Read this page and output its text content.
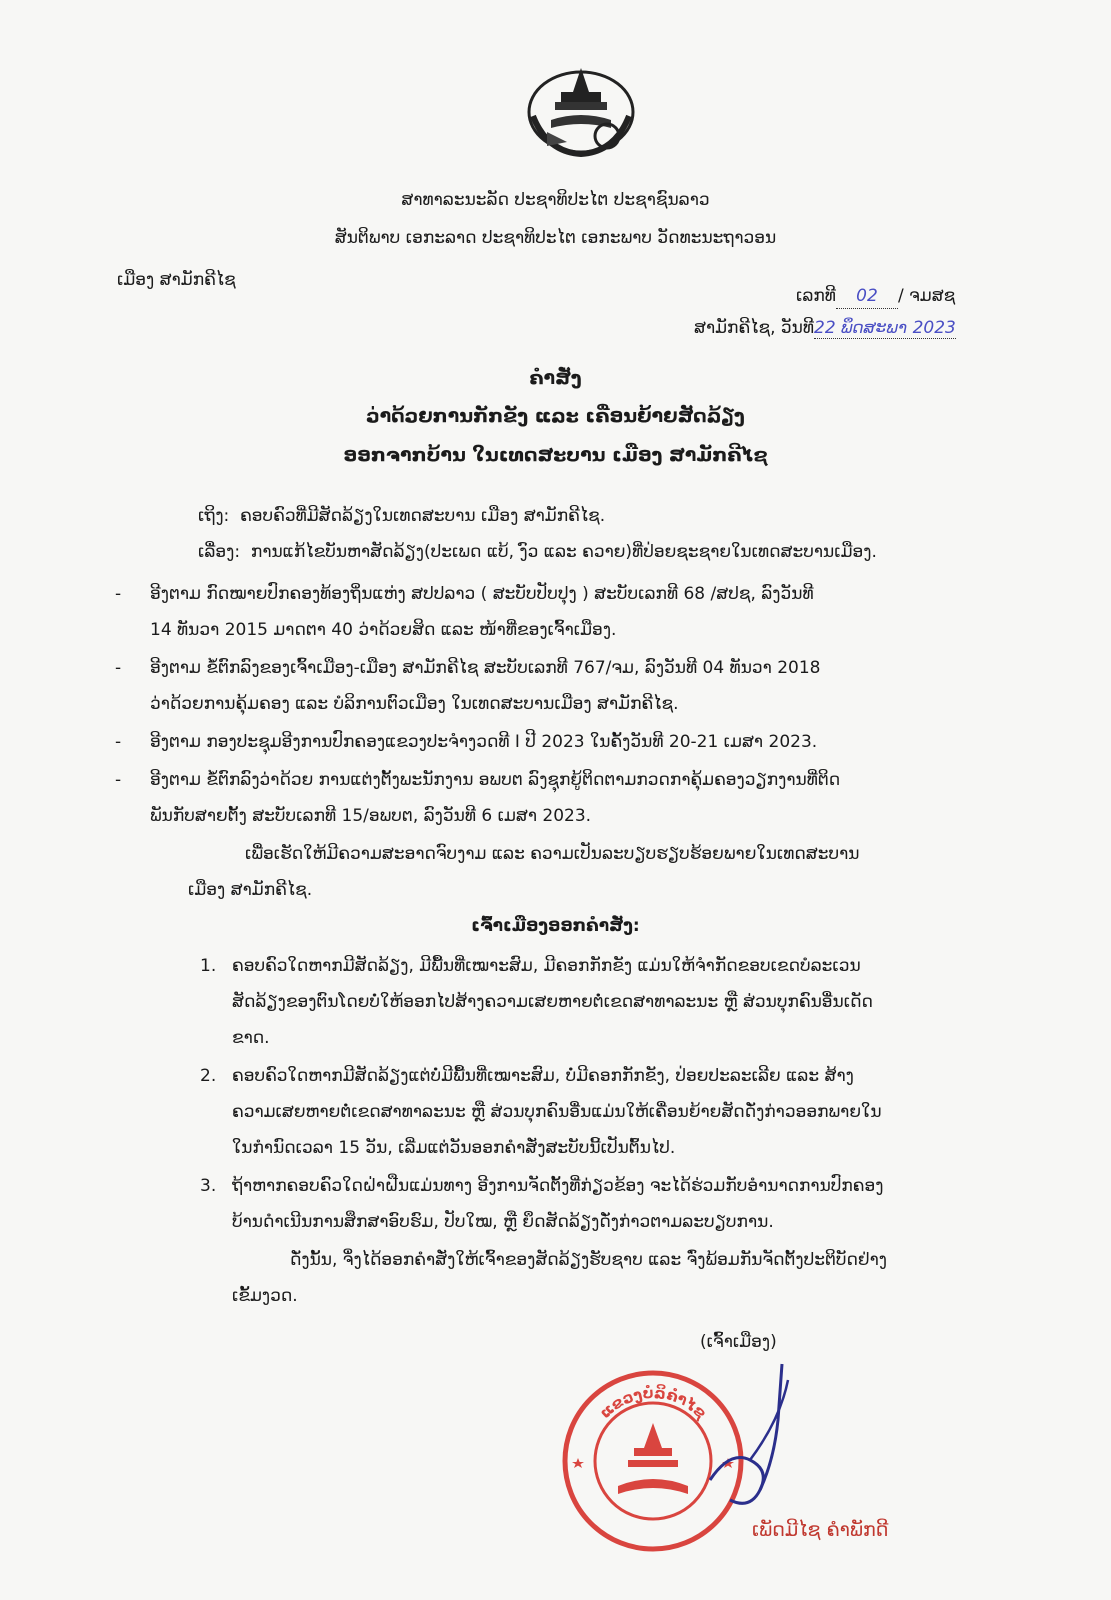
ສາທາລະນະລັດ ປະຊາທິປະໄຕ ປະຊາຊົນລາວ
ສັນຕິພາບ ເອກະລາດ ປະຊາທິປະໄຕ ເອກະພາບ ວັດທະນະຖາວອນ
ເມືອງ ສາມັກຄີໄຊ
ເລກທີ 02 / ຈມສຊ
ສາມັກຄີໄຊ, ວັນທີ22 ພຶດສະພາ 2023
ຄຳສັ່ງ
ວ່າດ້ວຍການກັກຂັງ ແລະ ເຄື່ອນຍ້າຍສັດລ້ຽງ
ອອກຈາກບ້ານ ໃນເທດສະບານ ເມືອງ ສາມັກຄີໄຊ
ເຖິງ: ຄອບຄົວທີ່ມີສັດລ້ຽງໃນເທດສະບານ ເມືອງ ສາມັກຄີໄຊ.
ເລື່ອງ: ການແກ້ໄຂບັນຫາສັດລ້ຽງ(ປະເພດ ແບ້, ງົວ ແລະ ຄວາຍ)ທີ່ປ່ອຍຊະຊາຍໃນເທດສະບານເມືອງ.
- ອີງຕາມ ກົດໝາຍປົກຄອງທ້ອງຖິ່ນແຫ່ງ ສປປລາວ ( ສະບັບປັບປຸງ ) ສະບັບເລກທີ 68 /ສປຊ, ລົງວັນທີ
14 ທັນວາ 2015 ມາດຕາ 40 ວ່າດ້ວຍສິດ ແລະ ໜ້າທີ່ຂອງເຈົ້າເມືອງ.
- ອີງຕາມ ຂໍ້ຕົກລົງຂອງເຈົ້າເມືອງ-ເມືອງ ສາມັກຄີໄຊ ສະບັບເລກທີ 767/ຈມ, ລົງວັນທີ 04 ທັນວາ 2018
ວ່າດ້ວຍການຄຸ້ມຄອງ ແລະ ບໍລິການຕົວເມືອງ ໃນເທດສະບານເມືອງ ສາມັກຄີໄຊ.
- ອີງຕາມ ກອງປະຊຸມອີງການປົກຄອງແຂວງປະຈຳງວດທີ I ປີ 2023 ໃນຄັ້ງວັນທີ 20-21 ເມສາ 2023.
- ອີງຕາມ ຂໍ້ຕົກລົງວ່າດ້ວຍ ການແຕ່ງຕັ້ງພະນັກງານ ອພບຕ ລົງຊຸກຍູ້ຕິດຕາມກວດກາຄຸ້ມຄອງວຽກງານທີ່ຕິດ
ພັນກັບສາຍຕັ້ງ ສະບັບເລກທີ 15/ອພບຕ, ລົງວັນທີ 6 ເມສາ 2023.
ເພື່ອເຮັດໃຫ້ມີຄວາມສະອາດຈົບງາມ ແລະ ຄວາມເປັນລະບຽບຮຽບຮ້ອຍພາຍໃນເທດສະບານ
ເມືອງ ສາມັກຄີໄຊ.
ເຈົ້າເມືອງອອກຄຳສັ່ງ:
1. ຄອບຄົວໃດຫາກມີສັດລ້ຽງ, ມີພື້ນທີ່ເໝາະສົມ, ມີຄອກກັກຂັງ ແມ່ນໃຫ້ຈຳກັດຂອບເຂດບໍລະເວນ
ສັດລ້ຽງຂອງຕົນໂດຍບໍ່ໃຫ້ອອກໄປສ້າງຄວາມເສຍຫາຍຕໍ່ເຂດສາທາລະນະ ຫຼື ສ່ວນບຸກຄົນອື່ນເດັດ
ຂາດ.
2. ຄອບຄົວໃດຫາກມີສັດລ້ຽງແຕ່ບໍ່ມີພື້ນທີ່ເໝາະສົມ, ບໍ່ມີຄອກກັກຂັງ, ປ່ອຍປະລະເລີຍ ແລະ ສ້າງ
ຄວາມເສຍຫາຍຕໍ່ເຂດສາທາລະນະ ຫຼື ສ່ວນບຸກຄົນອື່ນແມ່ນໃຫ້ເຄື່ອນຍ້າຍສັດດັ່ງກ່າວອອກພາຍໃນ
ໃນກຳນົດເວລາ 15 ວັນ, ເລີ່ມແຕ່ວັນອອກຄຳສັ່ງສະບັບນີ້ເປັນຕົ້ນໄປ.
3. ຖ້າຫາກຄອບຄົວໃດຝ່າຝືນແມ່ນທາງ ອີງການຈັດຕັ້ງທີ່ກ່ຽວຂ້ອງ ຈະໄດ້ຮ່ວມກັບອຳນາດການປົກຄອງ
ບ້ານດຳເນີນການສຶກສາອົບຮົມ, ປັບໃໝ, ຫຼື ຍຶດສັດລ້ຽງດັ່ງກ່າວຕາມລະບຽບການ.
ດັ່ງນັ້ນ, ຈຶ່ງໄດ້ອອກຄຳສັ່ງໃຫ້ເຈົ້າຂອງສັດລ້ຽງຮັບຊາບ ແລະ ຈົ່ງພ້ອມກັນຈັດຕັ້ງປະຕິບັດຢ່າງ
ເຂັ້ມງວດ.
(ເຈົ້າເມືອງ)
ແຂວງບໍລິຄຳໄຊ
ເພັດມີໄຊ ຄຳພັກດີ
